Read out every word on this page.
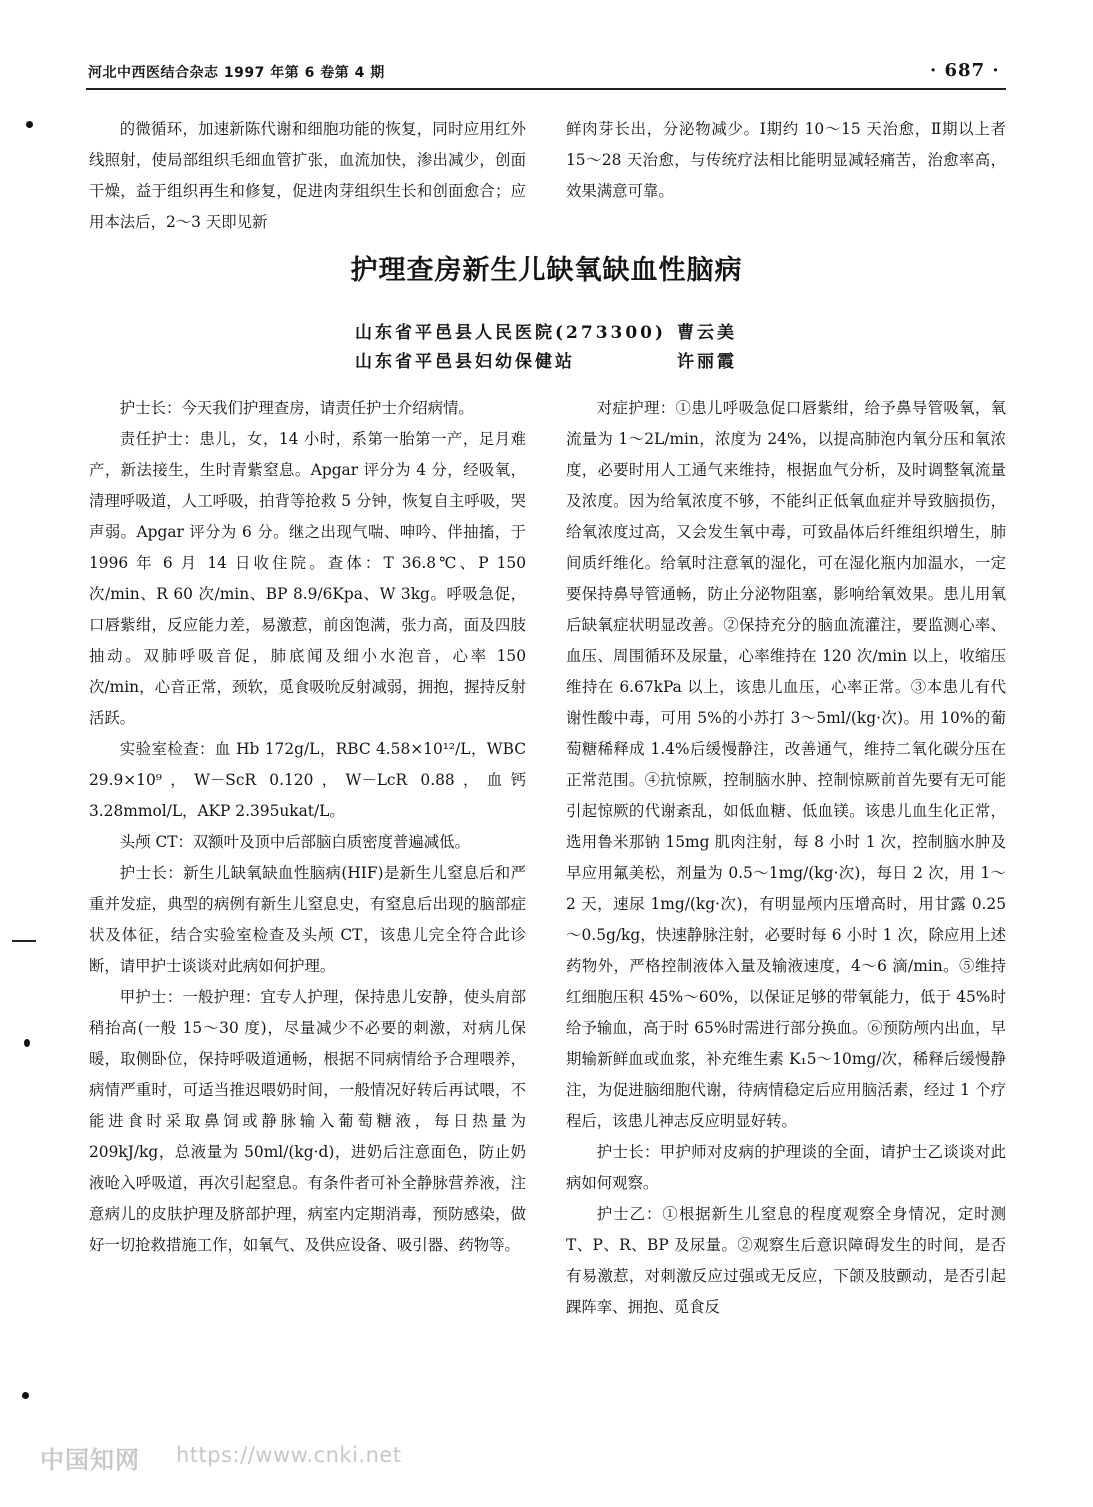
河北中西医结合杂志 1997 年第 6 卷第 4 期	· 687 ·

的微循环，加速新陈代谢和细胞功能的恢复，同时应用红外线照射，使局部组织毛细血管扩张，血流加快，渗出减少，创面干燥，益于组织再生和修复，促进肉芽组织生长和创面愈合；应用本法后，2～3 天即见新

鲜肉芽长出，分泌物减少。Ⅰ期约 10～15 天治愈，Ⅱ期以上者 15～28 天治愈，与传统疗法相比能明显减轻痛苦，治愈率高，效果满意可靠。

护理查房新生儿缺氧缺血性脑病
山东省平邑县人民医院(273300) 曹云美
山东省平邑县妇幼保健站	许丽霞

护士长：今天我们护理查房，请责任护士介绍病情。

责任护士：患儿，女，14 小时，系第一胎第一产，足月难产，新法接生，生时青紫窒息。Apgar 评分为 4 分，经吸氧，清理呼吸道，人工呼吸，拍背等抢救 5 分钟，恢复自主呼吸，哭声弱。Apgar 评分为 6 分。继之出现气喘、呻吟、伴抽搐，于 1996 年 6 月 14 日收住院。查体：T 36.8℃、P 150 次/min、R 60 次/min、BP 8.9/6Kpa、W 3kg。呼吸急促，口唇紫绀，反应能力差，易激惹，前囟饱满，张力高，面及四肢抽动。双肺呼吸音促，肺底闻及细小水泡音，心率 150 次/min，心音正常，颈软，觅食吸吮反射减弱，拥抱，握持反射活跃。

实验室检查：血 Hb 172g/L，RBC 4.58×10¹²/L，WBC 29.9×10⁹，W－ScR 0.120，W－LcR 0.88，血钙 3.28mmol/L，AKP 2.395ukat/L。

头颅 CT：双额叶及顶中后部脑白质密度普遍减低。

护士长：新生儿缺氧缺血性脑病(HIF)是新生儿窒息后和严重并发症，典型的病例有新生儿窒息史，有窒息后出现的脑部症状及体征，结合实验室检查及头颅 CT，该患儿完全符合此诊断，请甲护士谈谈对此病如何护理。

甲护士：一般护理：宜专人护理，保持患儿安静，使头肩部稍抬高(一般 15～30 度)，尽量减少不必要的刺激，对病儿保暖，取侧卧位，保持呼吸道通畅，根据不同病情给予合理喂养，病情严重时，可适当推迟喂奶时间，一般情况好转后再试喂，不能进食时采取鼻饲或静脉输入葡萄糖液，每日热量为 209kJ/kg，总液量为 50ml/(kg·d)，进奶后注意面色，防止奶液呛入呼吸道，再次引起窒息。有条件者可补全静脉营养液，注意病儿的皮肤护理及脐部护理，病室内定期消毒，预防感染，做好一切抢救措施工作，如氧气、及供应设备、吸引器、药物等。

对症护理：①患儿呼吸急促口唇紫绀，给予鼻导管吸氧，氧流量为 1～2L/min，浓度为 24%，以提高肺泡内氧分压和氧浓度，必要时用人工通气来维持，根据血气分析，及时调整氧流量及浓度。因为给氧浓度不够，不能纠正低氧血症并导致脑损伤，给氧浓度过高，又会发生氧中毒，可致晶体后纤维组织增生，肺间质纤维化。给氧时注意氧的湿化，可在湿化瓶内加温水，一定要保持鼻导管通畅，防止分泌物阻塞，影响给氧效果。患儿用氧后缺氧症状明显改善。②保持充分的脑血流灌注，要监测心率、血压、周围循环及尿量，心率维持在 120 次/min 以上，收缩压维持在 6.67kPa 以上，该患儿血压，心率正常。③本患儿有代谢性酸中毒，可用 5%的小苏打 3～5ml/(kg·次)。用 10%的葡萄糖稀释成 1.4%后缓慢静注，改善通气，维持二氧化碳分压在正常范围。④抗惊厥，控制脑水肿、控制惊厥前首先要有无可能引起惊厥的代谢紊乱，如低血糖、低血镁。该患儿血生化正常，选用鲁米那钠 15mg 肌肉注射，每 8 小时 1 次，控制脑水肿及早应用氟美松，剂量为 0.5～1mg/(kg·次)，每日 2 次，用 1～2 天，速尿 1mg/(kg·次)，有明显颅内压增高时，用甘露 0.25～0.5g/kg，快速静脉注射，必要时每 6 小时 1 次，除应用上述药物外，严格控制液体入量及输液速度，4～6 滴/min。⑤维持红细胞压积 45%～60%，以保证足够的带氧能力，低于 45%时给予输血，高于时 65%时需进行部分换血。⑥预防颅内出血，早期输新鲜血或血浆，补充维生素 K₁5～10mg/次，稀释后缓慢静注，为促进脑细胞代谢，待病情稳定后应用脑活素，经过 1 个疗程后，该患儿神志反应明显好转。

护士长：甲护师对皮病的护理谈的全面，请护士乙谈谈对此病如何观察。

护士乙：①根据新生儿窒息的程度观察全身情况，定时测 T、P、R、BP 及尿量。②观察生后意识障碍发生的时间，是否有易激惹，对刺激反应过强或无反应，下颌及肢颤动，是否引起踝阵挛、拥抱、觅食反

中国知网 https://www.cnki.net
